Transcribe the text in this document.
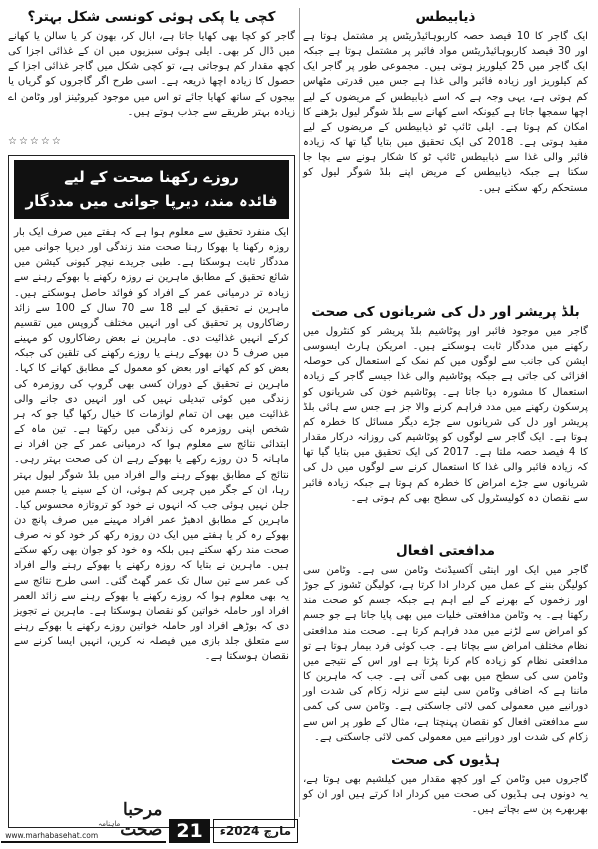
ذیابیطس

ایک گاجر کا 10 فیصد حصہ کاربوہائیڈریٹس پر مشتمل ہوتا ہے اور 30 فیصد کاربوہائیڈریٹس مواد فائبر پر مشتمل ہوتا ہے جبکہ ایک گاجر میں 25 کیلوریز ہوتی ہیں۔ مجموعی طور پر گاجر ایک کم کیلوریز اور زیادہ فائبر والی غذا ہے جس میں قدرتی مٹھاس کم ہوتی ہے، یہی وجہ ہے کہ اسے ذیابیطس کے مریضوں کے لیے اچھا سمجھا جاتا ہے کیونکہ اسے کھانے سے بلڈ شوگر لیول بڑھنے کا امکان کم ہوتا ہے۔ ایلی ٹائپ ٹو ذیابیطس کے مریضوں کے لیے مفید ہوتی ہے۔ 2018 کی ایک تحقیق میں بتایا گیا تھا کہ زیادہ فائبر والی غذا سے ذیابیطس ٹائپ ٹو کا شکار ہونے سے بچا جا سکتا ہے جبکہ ذیابیطس کے مریض اپنے بلڈ شوگر لیول کو مستحکم رکھ سکتے ہیں۔

بلڈ پریشر اور دل کی شریانوں کی صحت

گاجر میں موجود فائبر اور پوٹاشیم بلڈ پریشر کو کنٹرول میں رکھنے میں مددگار ثابت ہوسکتے ہیں۔ امریکن ہارٹ ایسوسی ایشن کی جانب سے لوگوں میں کم نمک کے استعمال کی حوصلہ افزائی کی جاتی ہے جبکہ پوٹاشیم والی غذا جیسے گاجر کے زیادہ استعمال کا مشورہ دیا جاتا ہے۔ پوٹاشیم خون کی شریانوں کو پرسکون رکھنے میں مدد فراہم کرنے والا جز ہے جس سے ہائی بلڈ پریشر اور دل کی شریانوں سے جڑے دیگر مسائل کا خطرہ کم ہوتا ہے۔ ایک گاجر سے لوگوں کو پوٹاشیم کی روزانہ درکار مقدار کا 4 فیصد حصہ ملتا ہے۔ 2017 کی ایک تحقیق میں بتایا گیا تھا کہ زیادہ فائبر والی غذا کا استعمال کرنے سے لوگوں میں دل کی شریانوں سے جڑے امراض کا خطرہ کم ہوتا ہے جبکہ زیادہ فائبر سے نقصان دہ کولیسٹرول کی سطح بھی کم ہوتی ہے۔

مدافعتی افعال

گاجر میں ایک اور اینٹی آکسیڈنٹ وٹامن سی ہے۔ وٹامن سی کولیگن بننے کے عمل میں کردار ادا کرتا ہے، کولیگن ٹشوز کے جوڑ اور زخموں کے بھرنے کے لیے اہم ہے جبکہ جسم کو صحت مند رکھتا ہے۔ یہ وٹامن مدافعتی خلیات میں بھی پایا جاتا ہے جو جسم کو امراض سے لڑنے میں مدد فراہم کرتا ہے۔ صحت مند مدافعتی نظام مختلف امراض سے بچاتا ہے۔ جب کوئی فرد بیمار ہوتا ہے تو مدافعتی نظام کو زیادہ کام کرنا پڑتا ہے اور اس کے نتیجے میں وٹامن سی کی سطح میں بھی کمی آتی ہے۔ جب کہ ماہرین کا ماننا ہے کہ اضافی وٹامن سی لینے سے نزلہ زکام کی شدت اور دورانیے میں معمولی کمی لائی جاسکتی ہے۔ وٹامن سی کی کمی سے مدافعتی افعال کو نقصان پہنچتا ہے، مثال کے طور پر اس سے زکام کی شدت اور دورانیے میں معمولی کمی لائی جاسکتی ہے۔

ہڈیوں کی صحت

گاجروں میں وٹامن کے اور کچھ مقدار میں کیلشیم بھی ہوتا ہے، یہ دونوں ہی ہڈیوں کی صحت میں کردار ادا کرتے ہیں اور ان کو بھربھرے پن سے بچاتے ہیں۔

کچی یا پکی ہوئی کونسی شکل بہتر؟

گاجر کو کچا بھی کھایا جاتا ہے، ابال کر، بھون کر یا سالن یا کھانے میں ڈال کر بھی۔ ایلی ہوئی سبزیوں میں ان کے غذائی اجزا کی کچھ مقدار کم ہوجاتی ہے، تو کچی شکل میں گاجر غذائی اجزا کے حصول کا زیادہ اچھا ذریعہ ہے۔ اسی طرح اگر گاجروں کو گریاں یا بیجوں کے ساتھ کھایا جائے تو اس میں موجود کیروٹینز اور وٹامن اے زیادہ بہتر طریقے سے جذب ہوتے ہیں۔

☆☆☆☆☆

روزے رکھنا صحت کے لیے
فائدہ مند، دیرپا جوانی میں مددگار

ایک منفرد تحقیق سے معلوم ہوا ہے کہ ہفتے میں صرف ایک بار روزہ رکھنا یا بھوکا رہنا صحت مند زندگی اور دیرپا جوانی میں مددگار ثابت ہوسکتا ہے۔ طبی جریدے نیچر کیونی کیشن میں شائع تحقیق کے مطابق ماہرین نے روزہ رکھنے یا بھوکے رہنے سے زیادہ تر درمیانی عمر کے افراد کو فوائد حاصل ہوسکتے ہیں۔ ماہرین نے تحقیق کے لیے 18 سے 70 سال کے 100 سے زائد رضاکاروں پر تحقیق کی اور انہیں مختلف گروپس میں تقسیم کرکے انہیں غذائیت دی۔ ماہرین نے بعض رضاکاروں کو مہینے میں صرف 5 دن بھوکے رہنے یا روزے رکھنے کی تلقین کی جبکہ بعض کو کم کھانے اور بعض کو معمول کے مطابق کھانے کا کہا۔ ماہرین نے تحقیق کے دوران کسی بھی گروپ کی روزمرہ کی زندگی میں کوئی تبدیلی نہیں کی اور انہیں دی جانے والی غذائیت میں بھی ان تمام لوازمات کا خیال رکھا گیا جو کہ ہر شخص اپنی روزمرہ کی زندگی میں رکھتا ہے۔ تین ماہ کے ابتدائی نتائج سے معلوم ہوا کہ درمیانی عمر کے جن افراد نے ماہانہ 5 دن روزے رکھے یا بھوکے رہے ان کی صحت بہتر رہی۔ نتائج کے مطابق بھوکے رہنے والے افراد میں بلڈ شوگر لیول بہتر رہا، ان کے جگر میں چربی کم ہوئی، ان کے سینے یا جسم میں جلن نہیں ہوئی جب کہ انہوں نے خود کو تروتازہ محسوس کیا۔ ماہرین کے مطابق ادھیڑ عمر افراد مہینے میں صرف پانچ دن بھوکے رہ کر یا ہفتے میں ایک دن روزہ رکھ کر خود کو نہ صرف صحت مند رکھ سکتے ہیں بلکہ وہ خود کو جوان بھی رکھ سکتے ہیں۔ ماہرین نے بتایا کہ روزہ رکھنے یا بھوکے رہنے والے افراد کی عمر سے تین سال تک عمر گھٹ گئی۔ اسی طرح نتائج سے یہ بھی معلوم ہوا کہ روزے رکھنے یا بھوکے رہنے سے زائد العمر افراد اور حاملہ خواتین کو نقصان ہوسکتا ہے۔ ماہرین نے تجویز دی کہ بوڑھے افراد اور حاملہ خواتین روزے رکھنے یا بھوکے رہنے سے متعلق جلد بازی میں فیصلہ نہ کریں، انہیں ایسا کرنے سے نقصان ہوسکتا ہے۔

مارچ 2024ء
21
www.marhabasehat.com
ماہنامہ
مرحبا صحت
